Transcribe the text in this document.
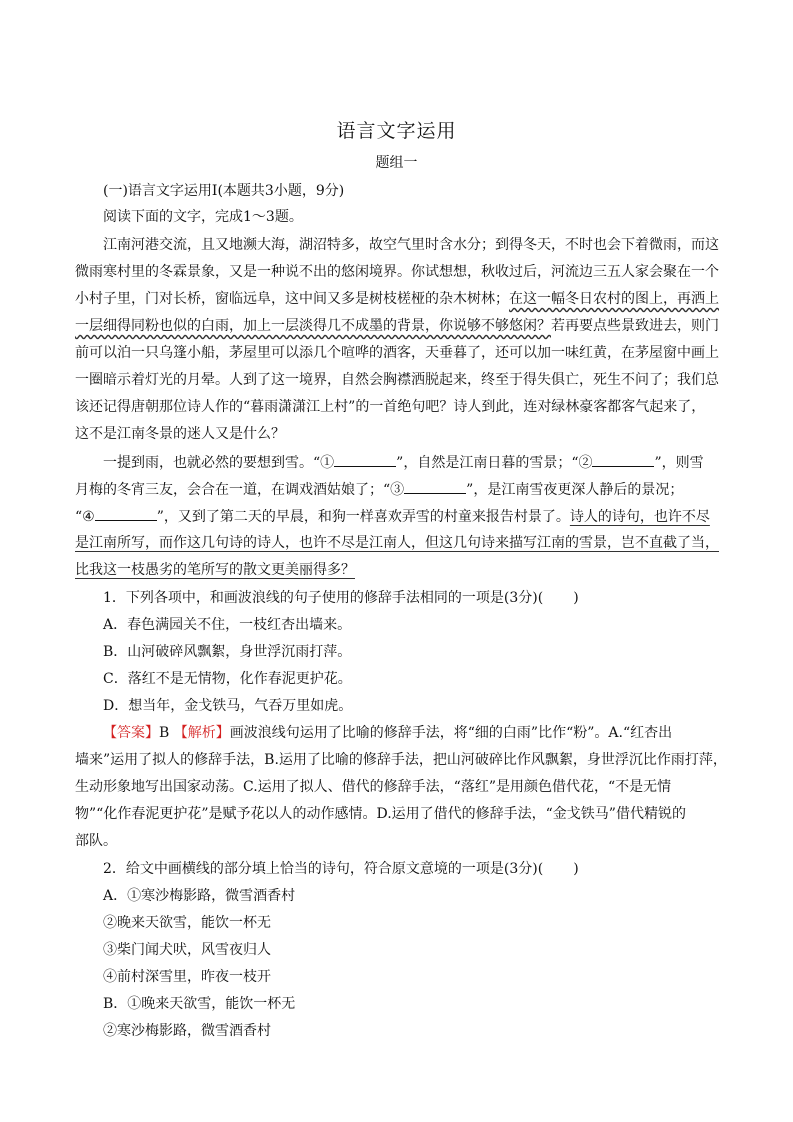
语言文字运用
题组一
(一)语言文字运用Ⅰ(本题共3小题，9分)
阅读下面的文字，完成1～3题。
江南河港交流，且又地濒大海，湖沼特多，故空气里时含水分；到得冬天，不时也会下着微雨，而这
微雨寒村里的冬霖景象，又是一种说不出的悠闲境界。你试想想，秋收过后，河流边三五人家会聚在一个
小村子里，门对长桥，窗临远阜，这中间又多是树枝槎桠的杂木树林；在这一幅冬日农村的图上，再洒上
一层细得同粉也似的白雨，加上一层淡得几不成墨的背景，你说够不够悠闲？若再要点些景致进去，则门
前可以泊一只乌篷小船，茅屋里可以添几个喧哗的酒客，天垂暮了，还可以加一味红黄，在茅屋窗中画上
一圈暗示着灯光的月晕。人到了这一境界，自然会胸襟洒脱起来，终至于得失俱亡，死生不问了；我们总
该还记得唐朝那位诗人作的“暮雨潇潇江上村”的一首绝句吧？诗人到此，连对绿林豪客都客气起来了，
这不是江南冬景的迷人又是什么？
一提到雨，也就必然的要想到雪。“①	”，自然是江南日暮的雪景；“②	”，则雪
月梅的冬宵三友，会合在一道，在调戏酒姑娘了；“③	”，是江南雪夜更深人静后的景况；
“④	”，又到了第二天的早晨，和狗一样喜欢弄雪的村童来报告村景了。诗人的诗句，也许不尽
是江南所写，而作这几句诗的诗人，也许不尽是江南人，但这几句诗来描写江南的雪景，岂不直截了当，
比我这一枝愚劣的笔所写的散文更美丽得多？
1．下列各项中，和画波浪线的句子使用的修辞手法相同的一项是(3分)( )
A．春色满园关不住，一枝红杏出墙来。
B．山河破碎风飘絮，身世浮沉雨打萍。
C．落红不是无情物，化作春泥更护花。
D．想当年，金戈铁马，气吞万里如虎。
【答案】B 【解析】画波浪线句运用了比喻的修辞手法，将“细的白雨”比作“粉”。A.“红杏出
墙来”运用了拟人的修辞手法，B.运用了比喻的修辞手法，把山河破碎比作风飘絮，身世浮沉比作雨打萍，
生动形象地写出国家动荡。C.运用了拟人、借代的修辞手法，“落红”是用颜色借代花，“不是无情
物”“化作春泥更护花”是赋予花以人的动作感情。D.运用了借代的修辞手法，“金戈铁马”借代精锐的
部队。
2．给文中画横线的部分填上恰当的诗句，符合原文意境的一项是(3分)( )
A．①寒沙梅影路，微雪酒香村
②晚来天欲雪，能饮一杯无
③柴门闻犬吠，风雪夜归人
④前村深雪里，昨夜一枝开
B．①晚来天欲雪，能饮一杯无
②寒沙梅影路，微雪酒香村
